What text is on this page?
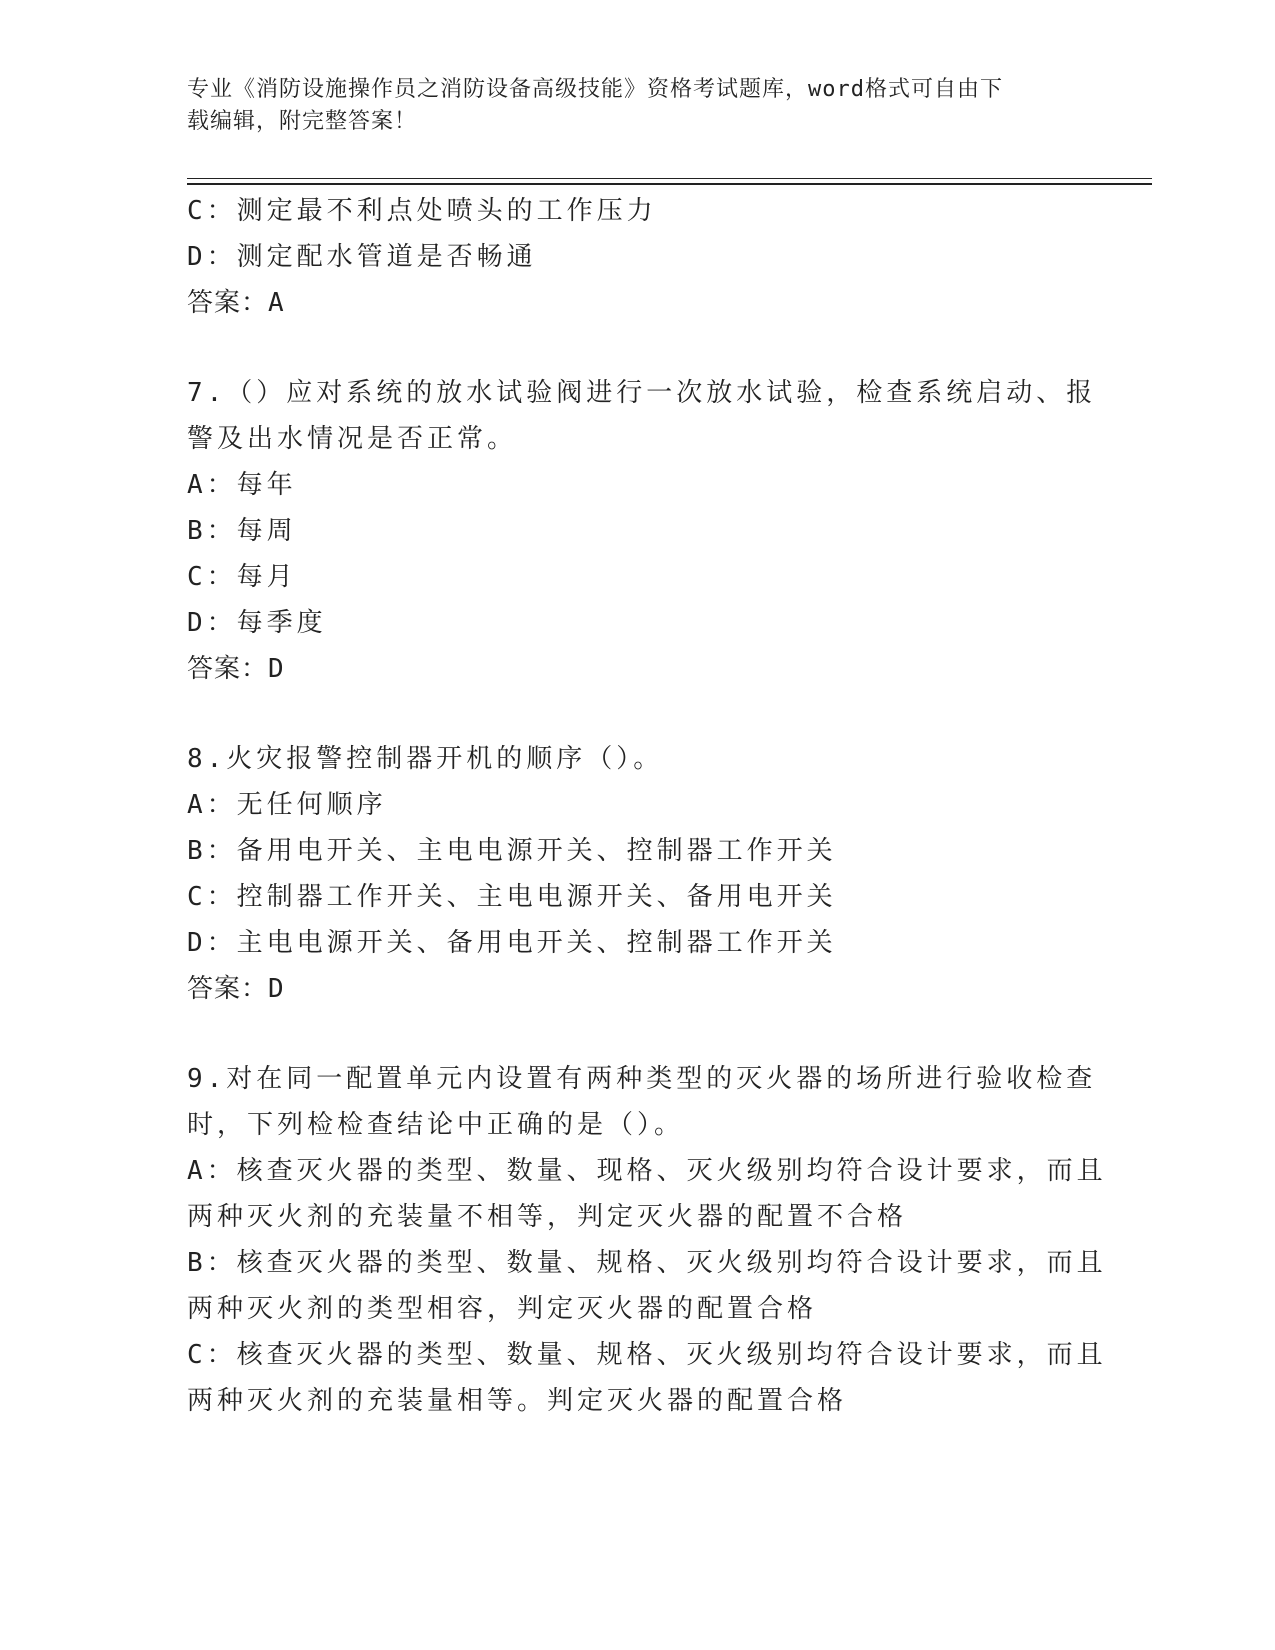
专业《消防设施操作员之消防设备高级技能》资格考试题库，word格式可自由下
载编辑，附完整答案！
C：测定最不利点处喷头的工作压力
D：测定配水管道是否畅通
答案：A
7.（）应对系统的放水试验阀进行一次放水试验，检查系统启动、报
警及出水情况是否正常。
A：每年
B：每周
C：每月
D：每季度
答案：D
8.火灾报警控制器开机的顺序（）。
A：无任何顺序
B：备用电开关、主电电源开关、控制器工作开关
C：控制器工作开关、主电电源开关、备用电开关
D：主电电源开关、备用电开关、控制器工作开关
答案：D
9.对在同一配置单元内设置有两种类型的灭火器的场所进行验收检查
时，下列检检查结论中正确的是（）。
A：核查灭火器的类型、数量、现格、灭火级别均符合设计要求，而且
两种灭火剂的充装量不相等，判定灭火器的配置不合格
B：核查灭火器的类型、数量、规格、灭火级别均符合设计要求，而且
两种灭火剂的类型相容，判定灭火器的配置合格
C：核查灭火器的类型、数量、规格、灭火级别均符合设计要求，而且
两种灭火剂的充装量相等。判定灭火器的配置合格
